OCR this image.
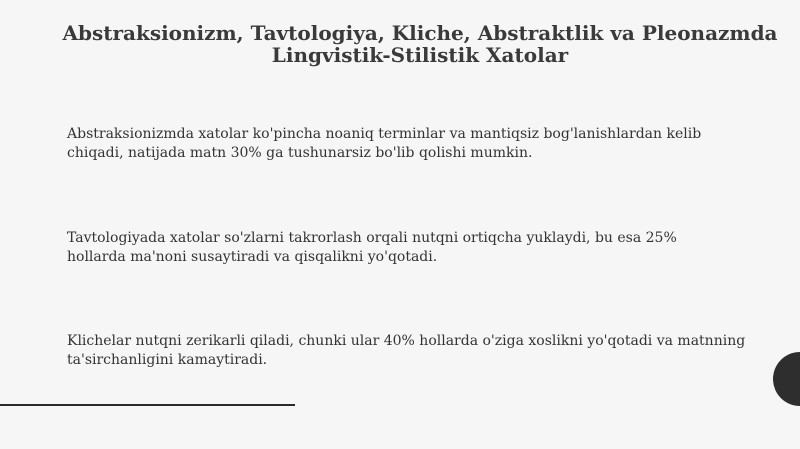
Abstraksionizm, Tavtologiya, Kliche, Abstraktlik va Pleonazmda
Lingvistik-Stilistik Xatolar

Abstraksionizmda xatolar ko'pincha noaniq terminlar va mantiqsiz bog'lanishlardan kelib
chiqadi, natijada matn 30% ga tushunarsiz bo'lib qolishi mumkin.

Tavtologiyada xatolar so'zlarni takrorlash orqali nutqni ortiqcha yuklaydi, bu esa 25%
hollarda ma'noni susaytiradi va qisqalikni yo'qotadi.

Klichelar nutqni zerikarli qiladi, chunki ular 40% hollarda o'ziga xoslikni yo'qotadi va matnning
ta'sirchanligini kamaytiradi.
